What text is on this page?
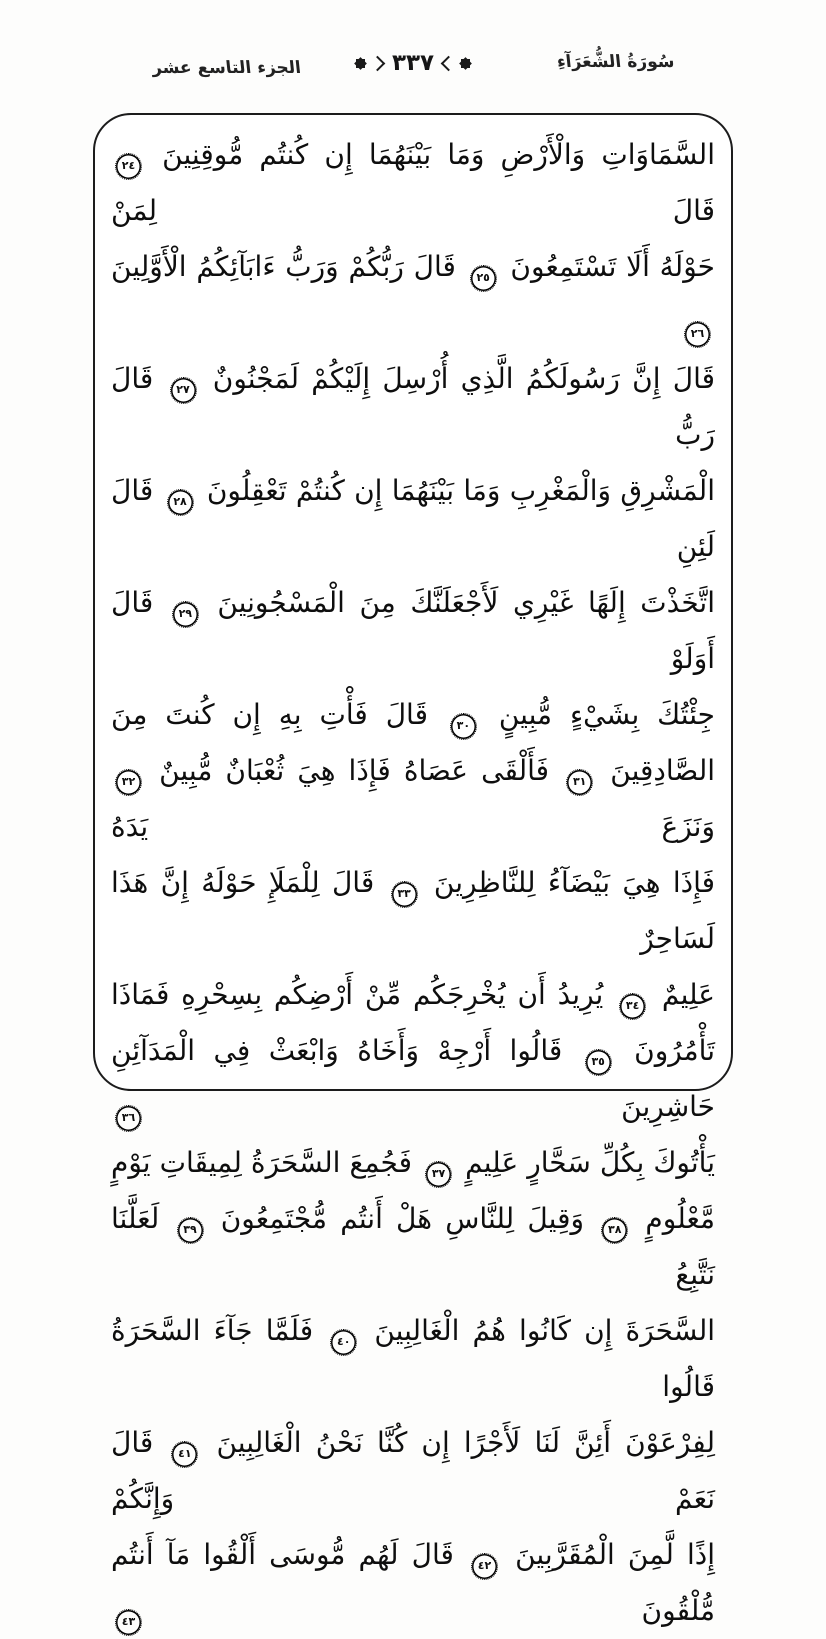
سُورَةُ الشُّعَرَآءِ
٣٣٧
الجزء التاسع عشر
السَّمَاوَاتِ وَالْأَرْضِ وَمَا بَيْنَهُمَا إِن كُنتُم مُّوقِنِينَ ٢٤ قَالَ لِمَنْ
حَوْلَهُ أَلَا تَسْتَمِعُونَ ٢٥ قَالَ رَبُّكُمْ وَرَبُّ ءَابَآئِكُمُ الْأَوَّلِينَ ٢٦
قَالَ إِنَّ رَسُولَكُمُ الَّذِي أُرْسِلَ إِلَيْكُمْ لَمَجْنُونٌ ٢٧ قَالَ رَبُّ
الْمَشْرِقِ وَالْمَغْرِبِ وَمَا بَيْنَهُمَا إِن كُنتُمْ تَعْقِلُونَ ٢٨ قَالَ لَئِنِ
اتَّخَذْتَ إِلَهًا غَيْرِي لَأَجْعَلَنَّكَ مِنَ الْمَسْجُونِينَ ٢٩ قَالَ أَوَلَوْ
جِئْتُكَ بِشَيْءٍ مُّبِينٍ ٣٠ قَالَ فَأْتِ بِهِ إِن كُنتَ مِنَ
الصَّادِقِينَ ٣١ فَأَلْقَى عَصَاهُ فَإِذَا هِيَ ثُعْبَانٌ مُّبِينٌ ٣٢ وَنَزَعَ يَدَهُ
فَإِذَا هِيَ بَيْضَآءُ لِلنَّاظِرِينَ ٣٣ قَالَ لِلْمَلَإِ حَوْلَهُ إِنَّ هَذَا لَسَاحِرٌ
عَلِيمٌ ٣٤ يُرِيدُ أَن يُخْرِجَكُم مِّنْ أَرْضِكُم بِسِحْرِهِ فَمَاذَا
تَأْمُرُونَ ٣٥ قَالُوا أَرْجِهْ وَأَخَاهُ وَابْعَثْ فِي الْمَدَآئِنِ حَاشِرِينَ ٣٦
يَأْتُوكَ بِكُلِّ سَحَّارٍ عَلِيمٍ ٣٧ فَجُمِعَ السَّحَرَةُ لِمِيقَاتِ يَوْمٍ
مَّعْلُومٍ ٣٨ وَقِيلَ لِلنَّاسِ هَلْ أَنتُم مُّجْتَمِعُونَ ٣٩ لَعَلَّنَا نَتَّبِعُ
السَّحَرَةَ إِن كَانُوا هُمُ الْغَالِبِينَ ٤٠ فَلَمَّا جَآءَ السَّحَرَةُ قَالُوا
لِفِرْعَوْنَ أَئِنَّ لَنَا لَأَجْرًا إِن كُنَّا نَحْنُ الْغَالِبِينَ ٤١ قَالَ نَعَمْ وَإِنَّكُمْ
إِذًا لَّمِنَ الْمُقَرَّبِينَ ٤٢ قَالَ لَهُم مُّوسَى أَلْقُوا مَآ أَنتُم مُّلْقُونَ ٤٣
